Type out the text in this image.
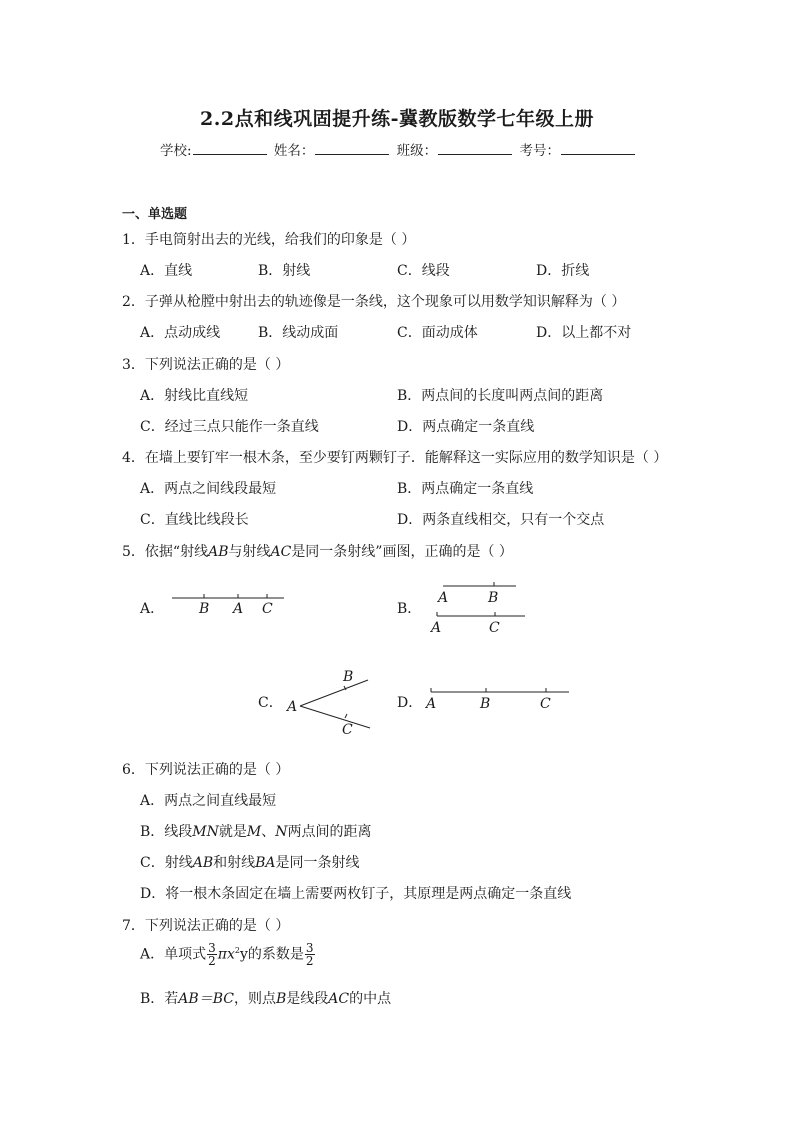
2.2点和线巩固提升练-冀教版数学七年级上册
学校:	姓名：	班级：	考号：
一、单选题
1．手电筒射出去的光线，给我们的印象是（ ）
A．直线	B．射线	C．线段	D．折线
2．子弹从枪膛中射出去的轨迹像是一条线，这个现象可以用数学知识解释为（ ）
A．点动成线	B．线动成面	C．面动成体	D．以上都不对
3．下列说法正确的是（ ）
A．射线比直线短	B．两点间的长度叫两点间的距离
C．经过三点只能作一条直线	D．两点确定一条直线
4．在墙上要钉牢一根木条，至少要钉两颗钉子．能解释这一实际应用的数学知识是（ ）
A．两点之间线段最短	B．两点确定一条直线
C．直线比线段长	D．两条直线相交，只有一个交点
5．依据“射线AB与射线AC是同一条射线”画图，正确的是（ ）
A． B A C	B．
A	B
A	C
C． A
B
C
D． A	B	C
6．下列说法正确的是（ ）
A．两点之间直线最短
B．线段MN就是M、N两点间的距离
C．射线AB和射线BA是同一条射线
D．将一根木条固定在墙上需要两枚钉子，其原理是两点确定一条直线
7．下列说法正确的是（ ）
A．单项式 $\frac{3}{2} \pi x^2y$的系数是 $\frac{3}{2}$
B．若AB＝BC，则点B是线段AC的中点
